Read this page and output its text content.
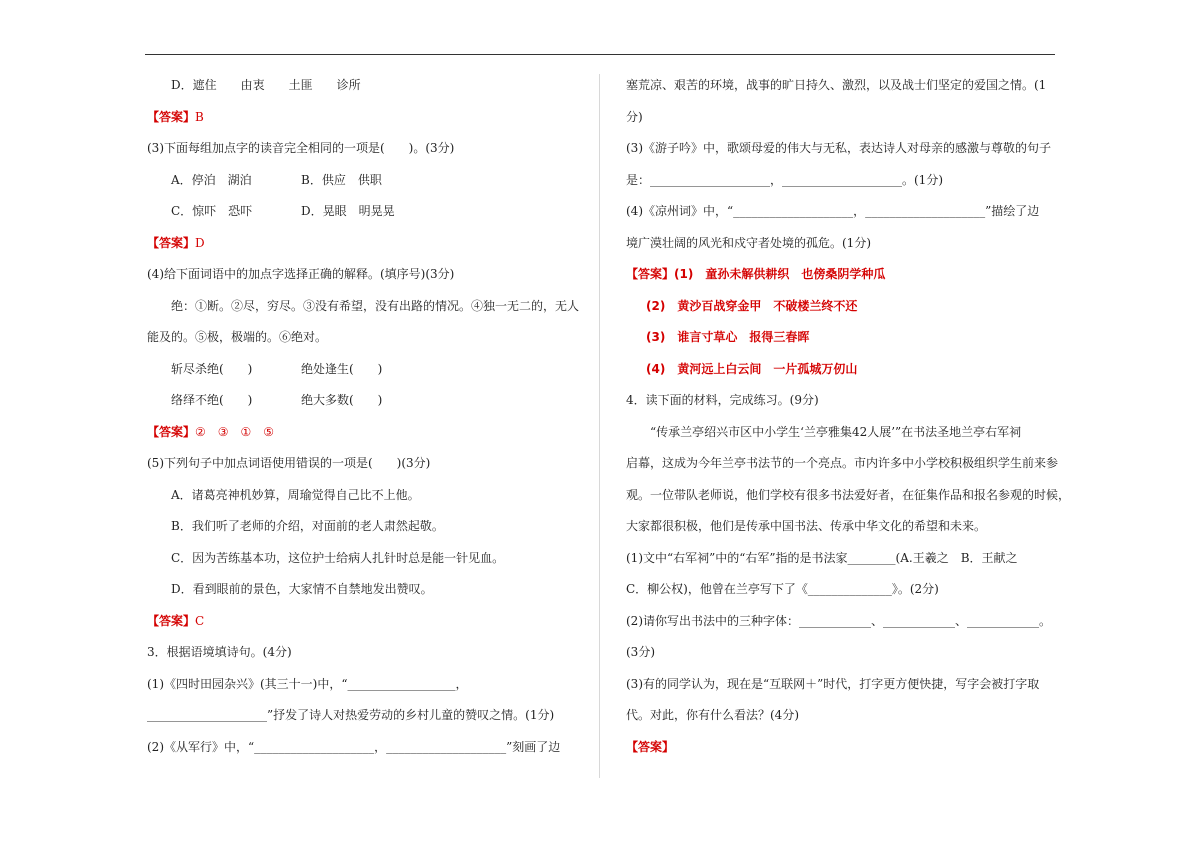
D．遮住　　由衷　　土匪　　诊所
【答案】B
(3)下面每组加点字的读音完全相同的一项是(　　)。(3分)
A．停泊　湖泊	B．供应　供职
C．惊吓　恐吓	D．晃眼　明晃晃
【答案】D
(4)给下面词语中的加点字选择正确的解释。(填序号)(3分)
绝：①断。②尽，穷尽。③没有希望，没有出路的情况。④独一无二的，无人
能及的。⑤极，极端的。⑥绝对。
斩尽杀绝(　　)	绝处逢生(　　)
络绎不绝(　　)	绝大多数(　　)
【答案】②　③　①　⑤
(5)下列句子中加点词语使用错误的一项是(　　)(3分)
A．诸葛亮神机妙算，周瑜觉得自己比不上他。
B．我们听了老师的介绍，对面前的老人肃然起敬。
C．因为苦练基本功，这位护士给病人扎针时总是能一针见血。
D．看到眼前的景色，大家情不自禁地发出赞叹。
【答案】C
3．根据语境填诗句。(4分)
(1)《四时田园杂兴》(其三十一)中，“__________________，
____________________”抒发了诗人对热爱劳动的乡村儿童的赞叹之情。(1分)
(2)《从军行》中，“____________________，____________________”刻画了边
塞荒凉、艰苦的环境，战事的旷日持久、激烈，以及战士们坚定的爱国之情。(1
分)
(3)《游子吟》中，歌颂母爱的伟大与无私，表达诗人对母亲的感激与尊敬的句子
是：____________________，____________________。(1分)
(4)《凉州词》中，“____________________，____________________”描绘了边
境广漠壮阔的风光和戍守者处境的孤危。(1分)
【答案】(1)　童孙未解供耕织　也傍桑阴学种瓜
(2)　黄沙百战穿金甲　不破楼兰终不还
(3)　谁言寸草心　报得三春晖
(4)　黄河远上白云间　一片孤城万仞山
4．读下面的材料，完成练习。(9分)
“传承兰亭绍兴市区中小学生‘兰亭雅集42人展’”在书法圣地兰亭右军祠
启幕，这成为今年兰亭书法节的一个亮点。市内许多中小学校积极组织学生前来参
观。一位带队老师说，他们学校有很多书法爱好者，在征集作品和报名参观的时候，
大家都很积极，他们是传承中国书法、传承中华文化的希望和未来。
(1)文中“右军祠”中的“右军”指的是书法家________(A.王羲之　B．王献之
C．柳公权)，他曾在兰亭写下了《______________》。(2分)
(2)请你写出书法中的三种字体：____________、____________、____________。
(3分)
(3)有的同学认为，现在是“互联网＋”时代，打字更方便快捷，写字会被打字取
代。对此，你有什么看法？(4分)
【答案】
